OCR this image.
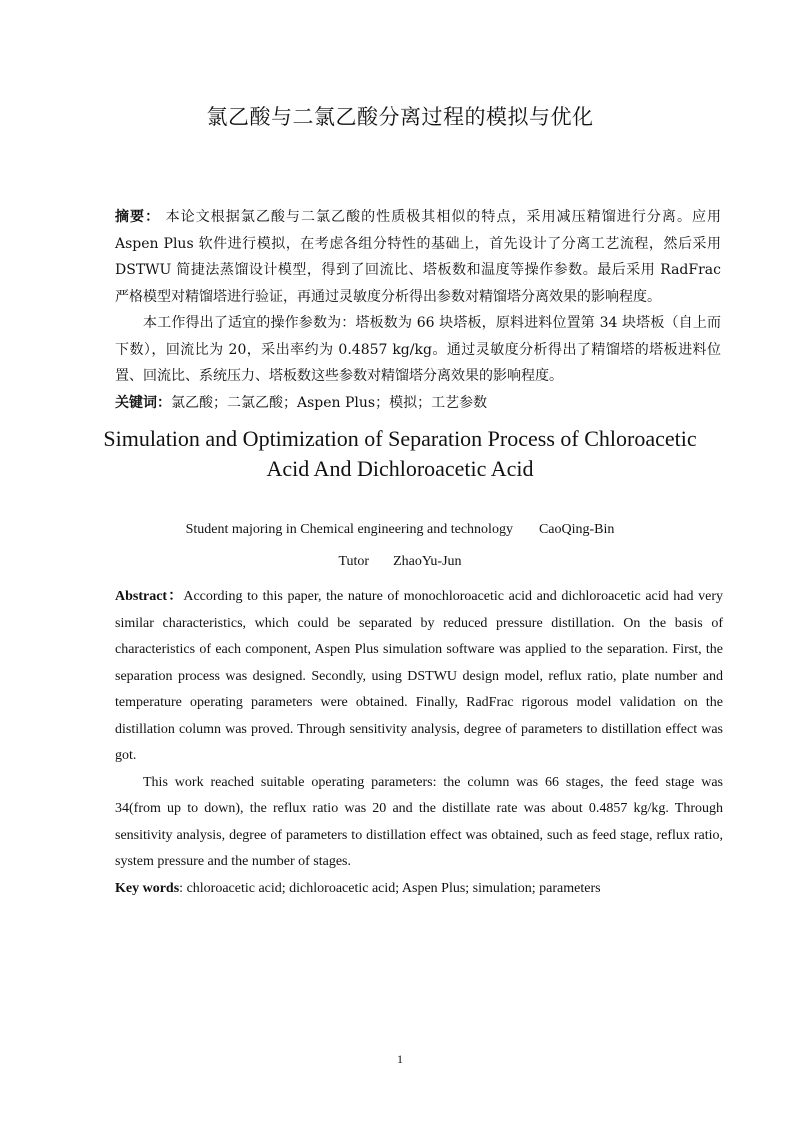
氯乙酸与二氯乙酸分离过程的模拟与优化

摘要： 本论文根据氯乙酸与二氯乙酸的性质极其相似的特点，采用减压精馏进行分离。应用 Aspen Plus 软件进行模拟，在考虑各组分特性的基础上，首先设计了分离工艺流程，然后采用 DSTWU 简捷法蒸馏设计模型，得到了回流比、塔板数和温度等操作参数。最后采用 RadFrac 严格模型对精馏塔进行验证，再通过灵敏度分析得出参数对精馏塔分离效果的影响程度。

本工作得出了适宜的操作参数为：塔板数为 66 块塔板，原料进料位置第 34 块塔板（自上而下数），回流比为 20，采出率约为 0.4857 kg/kg。通过灵敏度分析得出了精馏塔的塔板进料位置、回流比、系统压力、塔板数这些参数对精馏塔分离效果的影响程度。

关键词：氯乙酸；二氯乙酸；Aspen Plus；模拟；工艺参数

Simulation and Optimization of Separation Process of Chloroacetic
Acid And Dichloroacetic Acid
Student majoring in Chemical engineering and technology CaoQing-Bin
Tutor ZhaoYu-Jun

Abstract：According to this paper, the nature of monochloroacetic acid and dichloroacetic acid had very similar characteristics, which could be separated by reduced pressure distillation. On the basis of characteristics of each component, Aspen Plus simulation software was applied to the separation. First, the separation process was designed. Secondly, using DSTWU design model, reflux ratio, plate number and temperature operating parameters were obtained. Finally, RadFrac rigorous model validation on the distillation column was proved. Through sensitivity analysis, degree of parameters to distillation effect was got.

This work reached suitable operating parameters: the column was 66 stages, the feed stage was 34(from up to down), the reflux ratio was 20 and the distillate rate was about 0.4857 kg/kg. Through sensitivity analysis, degree of parameters to distillation effect was obtained, such as feed stage, reflux ratio, system pressure and the number of stages.

Key words: chloroacetic acid; dichloroacetic acid; Aspen Plus; simulation; parameters

1
